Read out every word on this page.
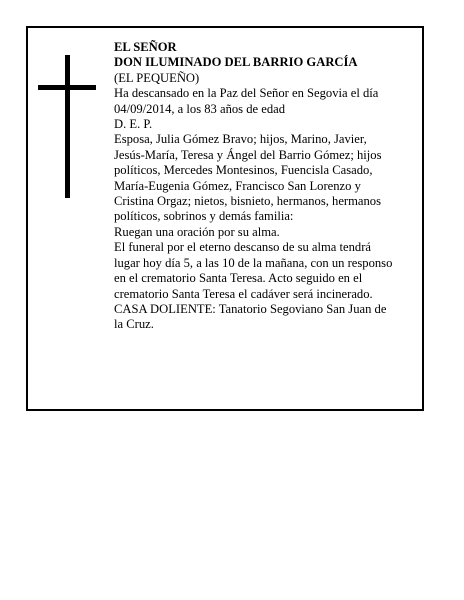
EL SEÑOR
DON ILUMINADO DEL BARRIO GARCÍA
(EL PEQUEÑO)
Ha descansado en la Paz del Señor en Segovia el día
04/09/2014, a los 83 años de edad
D. E. P.
Esposa, Julia Gómez Bravo; hijos, Marino, Javier,
Jesús-María, Teresa y Ángel del Barrio Gómez; hijos
políticos, Mercedes Montesinos, Fuencisla Casado,
María-Eugenia Gómez, Francisco San Lorenzo y
Cristina Orgaz; nietos, bisnieto, hermanos, hermanos
políticos, sobrinos y demás familia:
Ruegan una oración por su alma.
El funeral por el eterno descanso de su alma tendrá
lugar hoy día 5, a las 10 de la mañana, con un responso
en el crematorio Santa Teresa. Acto seguido en el
crematorio Santa Teresa el cadáver será incinerado.
CASA DOLIENTE: Tanatorio Segoviano San Juan de
la Cruz.
